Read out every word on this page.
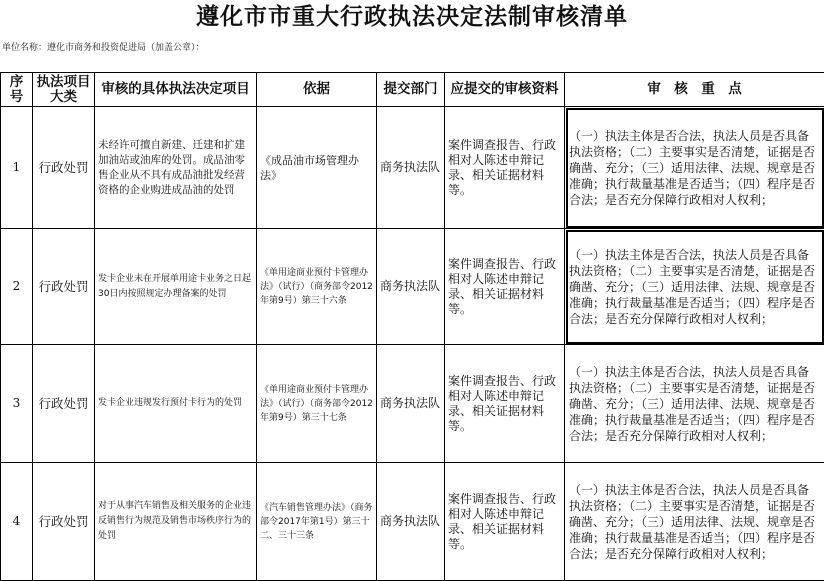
遵化市市重大行政执法决定法制审核清单
单位名称：遵化市商务和投资促进局（加盖公章）：
序号	执法项目大类	审核的具体执法决定项目	依据	提交部门	应提交的审核资料	审　核　重　点
1	行政处罚	未经许可擅自新建、迁建和扩建加油站或油库的处罚。成品油零售企业从不具有成品油批发经营资格的企业购进成品油的处罚	《成品油市场管理办法》	商务执法队	案件调查报告、行政相对人陈述申辩记录、相关证据材料等。	（一）执法主体是否合法，执法人员是否具备执法资格；（二）主要事实是否清楚，证据是否确凿、充分；（三）适用法律、法规、规章是否准确；执行裁量基准是否适当；（四）程序是否合法；是否充分保障行政相对人权利；
2	行政处罚	发卡企业未在开展单用途卡业务之日起30日内按照规定办理备案的处罚	《单用途商业预付卡管理办法》（试行）（商务部令2012年第9号）第三十六条	商务执法队	案件调查报告、行政相对人陈述申辩记录、相关证据材料等。	（一）执法主体是否合法，执法人员是否具备执法资格；（二）主要事实是否清楚，证据是否确凿、充分；（三）适用法律、法规、规章是否准确；执行裁量基准是否适当；（四）程序是否合法；是否充分保障行政相对人权利；
3	行政处罚	发卡企业违规发行预付卡行为的处罚	《单用途商业预付卡管理办法》（试行）（商务部令2012年第9号）第三十七条	商务执法队	案件调查报告、行政相对人陈述申辩记录、相关证据材料等。	（一）执法主体是否合法，执法人员是否具备执法资格；（二）主要事实是否清楚，证据是否确凿、充分；（三）适用法律、法规、规章是否准确；执行裁量基准是否适当；（四）程序是否合法；是否充分保障行政相对人权利；
4	行政处罚	对于从事汽车销售及相关服务的企业违反销售行为规范及销售市场秩序行为的处罚	《汽车销售管理办法》（商务部令2017年第1号）第三十二、三十三条	商务执法队	案件调查报告、行政相对人陈述申辩记录、相关证据材料等。	（一）执法主体是否合法，执法人员是否具备执法资格；（二）主要事实是否清楚，证据是否确凿、充分；（三）适用法律、法规、规章是否准确；执行裁量基准是否适当；（四）程序是否合法；是否充分保障行政相对人权利；
